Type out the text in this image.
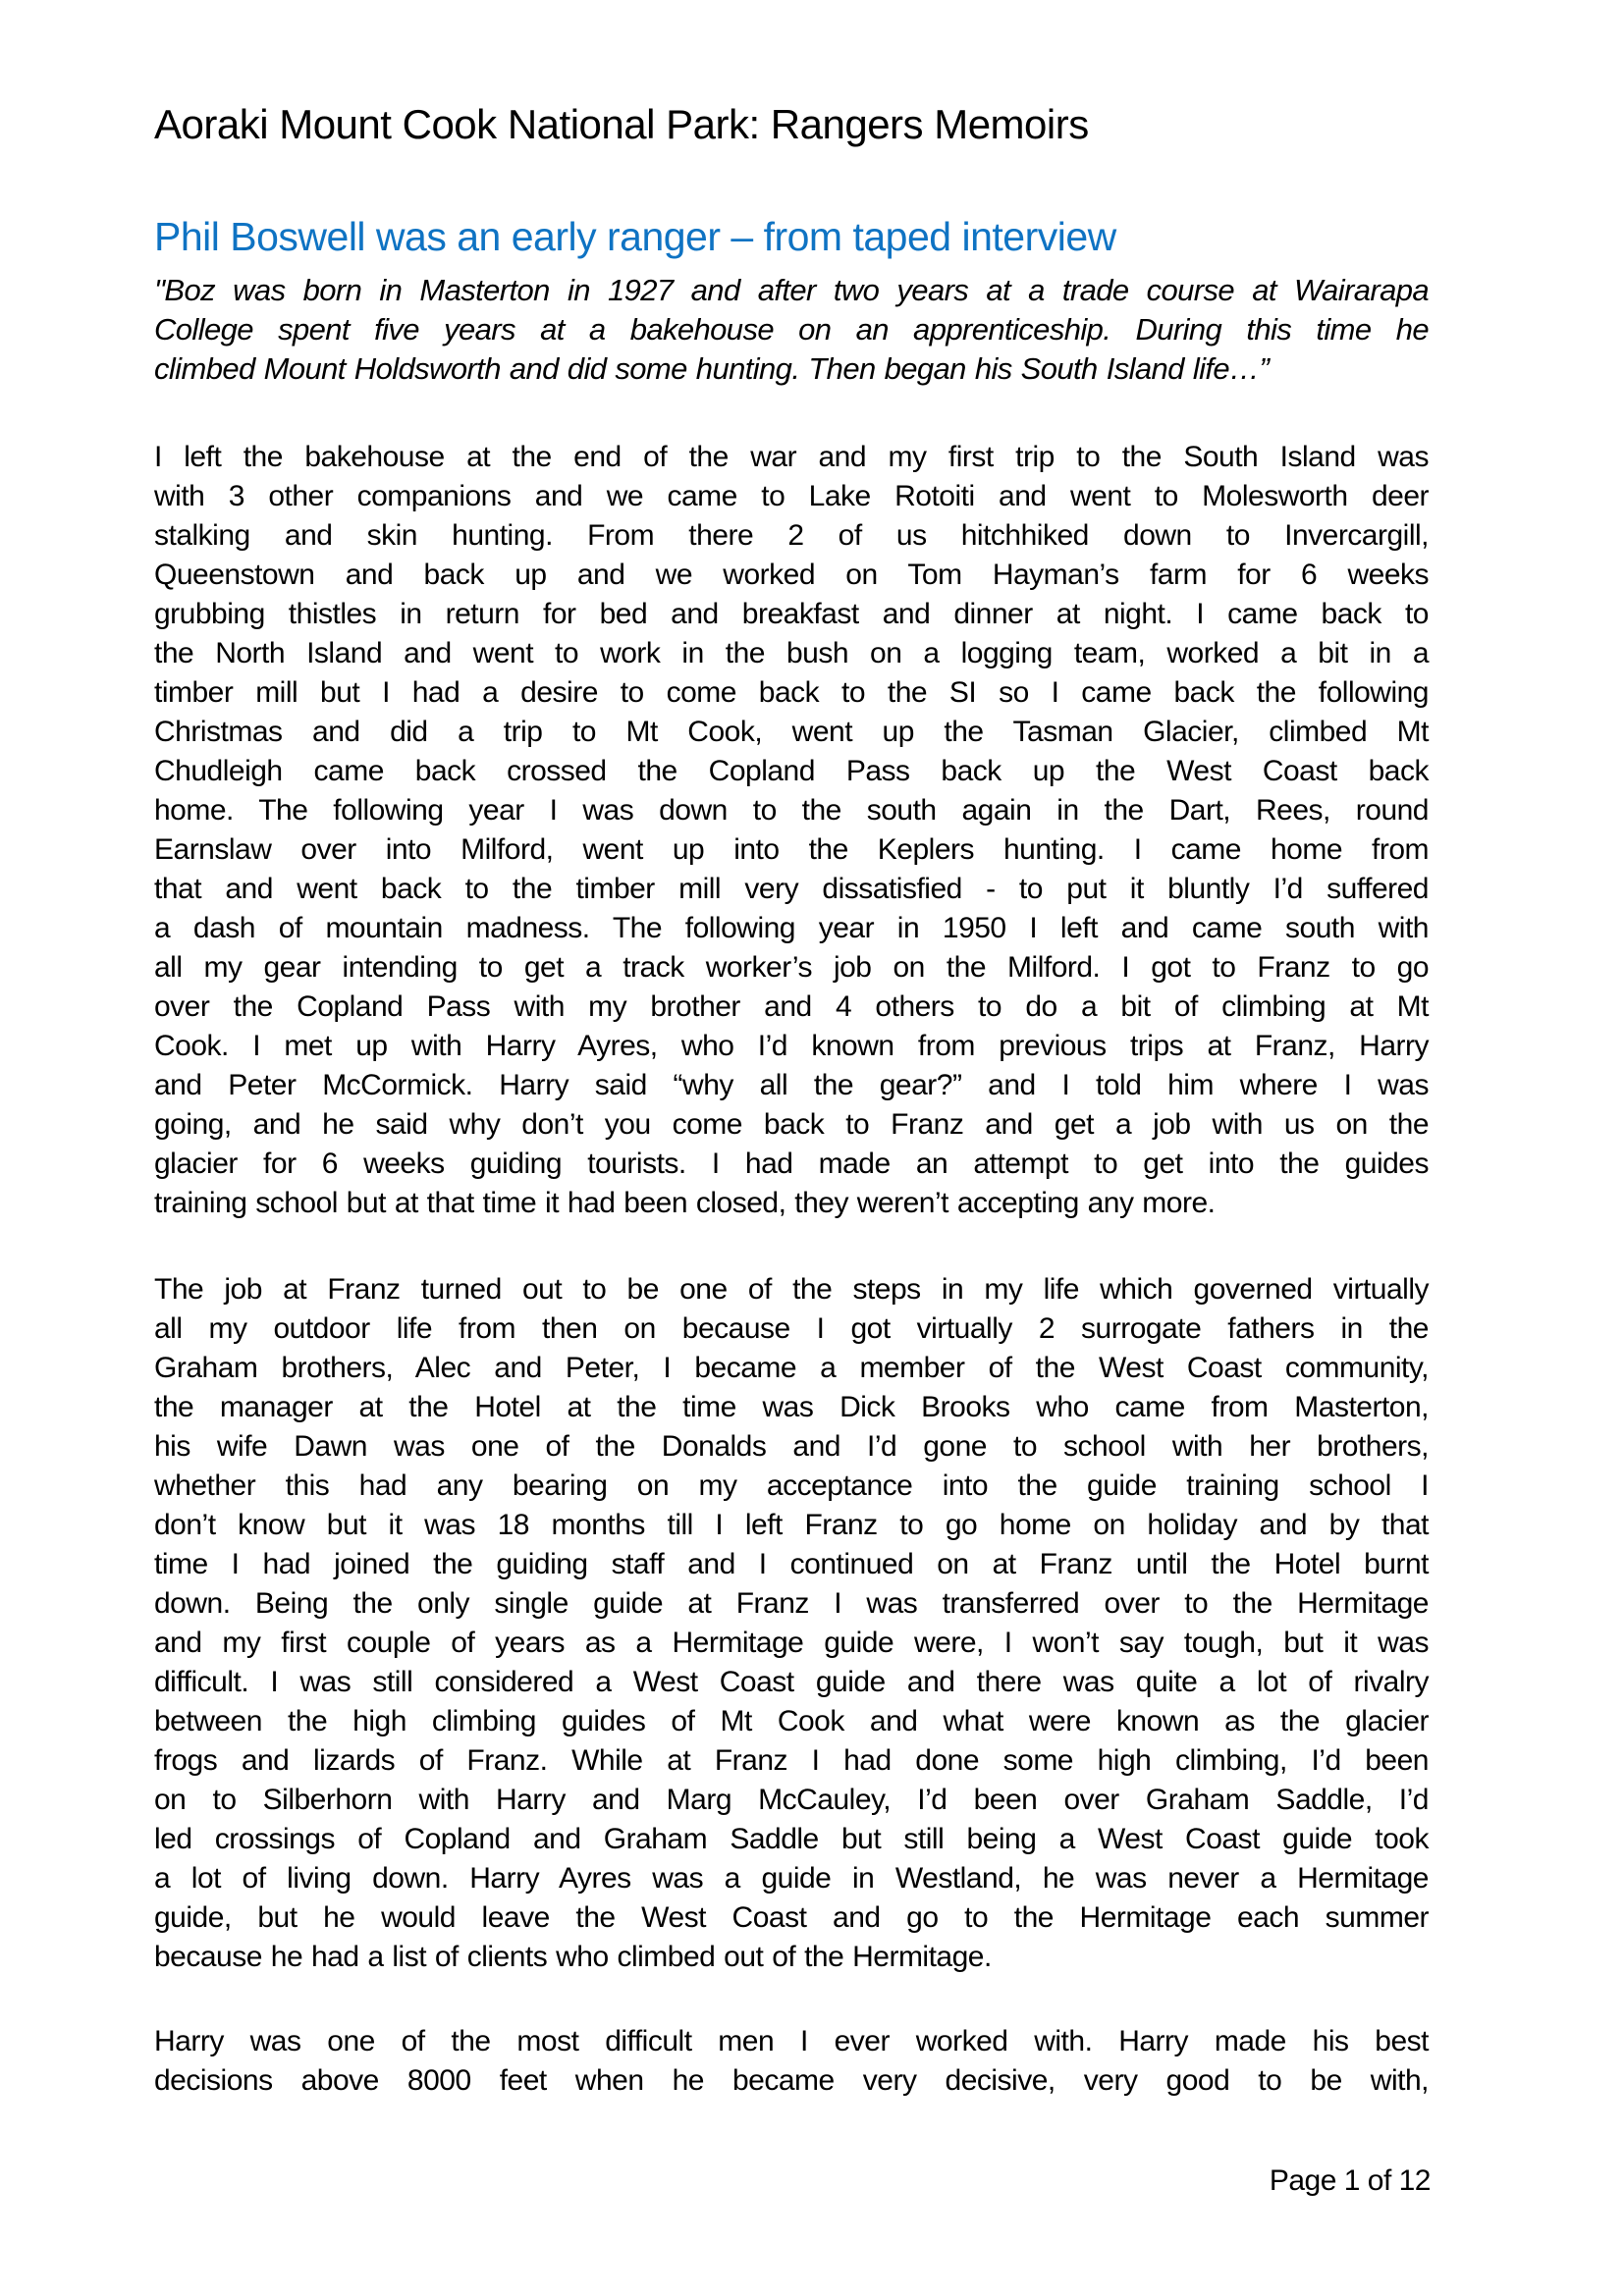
Aoraki Mount Cook National Park: Rangers Memoirs
Phil Boswell was an early ranger – from taped interview
"Boz was born in Masterton in 1927 and after two years at a trade course at Wairarapa
College spent five years at a bakehouse on an apprenticeship. During this time he
climbed Mount Holdsworth and did some hunting. Then began his South Island life…”
I left the bakehouse at the end of the war and my first trip to the South Island was
with 3 other companions and we came to Lake Rotoiti and went to Molesworth deer
stalking and skin hunting. From there 2 of us hitchhiked down to Invercargill,
Queenstown and back up and we worked on Tom Hayman’s farm for 6 weeks
grubbing thistles in return for bed and breakfast and dinner at night. I came back to
the North Island and went to work in the bush on a logging team, worked a bit in a
timber mill but I had a desire to come back to the SI so I came back the following
Christmas and did a trip to Mt Cook, went up the Tasman Glacier, climbed Mt
Chudleigh came back crossed the Copland Pass back up the West Coast back
home. The following year I was down to the south again in the Dart, Rees, round
Earnslaw over into Milford, went up into the Keplers hunting. I came home from
that and went back to the timber mill very dissatisfied - to put it bluntly I’d suffered
a dash of mountain madness. The following year in 1950 I left and came south with
all my gear intending to get a track worker’s job on the Milford. I got to Franz to go
over the Copland Pass with my brother and 4 others to do a bit of climbing at Mt
Cook. I met up with Harry Ayres, who I’d known from previous trips at Franz, Harry
and Peter McCormick. Harry said “why all the gear?” and I told him where I was
going, and he said why don’t you come back to Franz and get a job with us on the
glacier for 6 weeks guiding tourists. I had made an attempt to get into the guides
training school but at that time it had been closed, they weren’t accepting any more.
The job at Franz turned out to be one of the steps in my life which governed virtually
all my outdoor life from then on because I got virtually 2 surrogate fathers in the
Graham brothers, Alec and Peter, I became a member of the West Coast community,
the manager at the Hotel at the time was Dick Brooks who came from Masterton,
his wife Dawn was one of the Donalds and I’d gone to school with her brothers,
whether this had any bearing on my acceptance into the guide training school I
don’t know but it was 18 months till I left Franz to go home on holiday and by that
time I had joined the guiding staff and I continued on at Franz until the Hotel burnt
down. Being the only single guide at Franz I was transferred over to the Hermitage
and my first couple of years as a Hermitage guide were, I won’t say tough, but it was
difficult. I was still considered a West Coast guide and there was quite a lot of rivalry
between the high climbing guides of Mt Cook and what were known as the glacier
frogs and lizards of Franz. While at Franz I had done some high climbing, I’d been
on to Silberhorn with Harry and Marg McCauley, I’d been over Graham Saddle, I’d
led crossings of Copland and Graham Saddle but still being a West Coast guide took
a lot of living down. Harry Ayres was a guide in Westland, he was never a Hermitage
guide, but he would leave the West Coast and go to the Hermitage each summer
because he had a list of clients who climbed out of the Hermitage.
Harry was one of the most difficult men I ever worked with. Harry made his best
decisions above 8000 feet when he became very decisive, very good to be with,
Page 1 of 12
